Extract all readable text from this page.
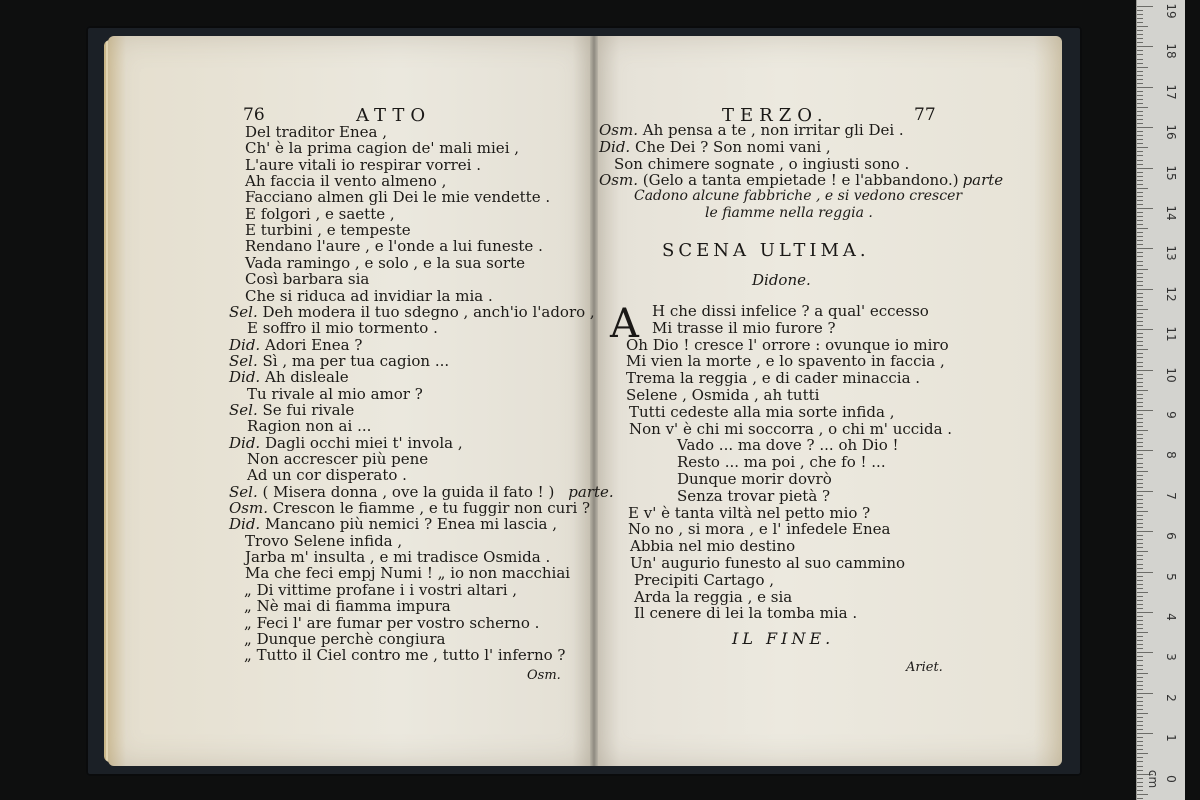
76	ATTO
Del traditor Enea ,
Ch' è la prima cagion de' mali miei ,
L'aure vitali io respirar vorrei .
Ah faccia il vento almeno ,
Facciano almen gli Dei le mie vendette .
E folgori , e saette ,
E turbini , e tempeste
Rendano l'aure , e l'onde a lui funeste .
Vada ramingo , e solo , e la sua sorte
Così barbara sia
Che si riduca ad invidiar la mia .
Sel. Deh modera il tuo sdegno , anch'io l'adoro ,
E soffro il mio tormento .
Did. Adori Enea ?
Sel. Sì , ma per tua cagion ...
Did. Ah disleale
Tu rivale al mio amor ?
Sel. Se fui rivale
Ragion non ai ...
Did. Dagli occhi miei t' invola ,
Non accrescer più pene
Ad un cor disperato .
Sel. ( Misera donna , ove la guida il fato ! ) parte.
Osm. Crescon le fiamme , e tu fuggir non curi ?
Did. Mancano più nemici ? Enea mi lascia ,
Trovo Selene infida ,
Jarba m' insulta , e mi tradisce Osmida .
Ma che feci empj Numi ! „ io non macchiai
„ Di vittime profane i i vostri altari ,
„ Nè mai di fiamma impura
„ Feci l' are fumar per vostro scherno .
„ Dunque perchè congiura
„ Tutto il Ciel contro me , tutto l' inferno ?
Osm.
TERZO.	77
Osm. Ah pensa a te , non irritar gli Dei .
Did. Che Dei ? Son nomi vani ,
Son chimere sognate , o ingiusti sono .
Osm. (Gelo a tanta empietade ! e l'abbandono.) parte
Cadono alcune fabbriche , e si vedono crescer
le fiamme nella reggia .
SCENA ULTIMA.
Didone.
A H che dissi infelice ? a qual' eccesso
Mi trasse il mio furore ?
Oh Dio ! cresce l' orrore : ovunque io miro
Mi vien la morte , e lo spavento in faccia ,
Trema la reggia , e di cader minaccia .
Selene , Osmida , ah tutti
Tutti cedeste alla mia sorte infida ,
Non v' è chi mi soccorra , o chi m' uccida .
Vado ... ma dove ? ... oh Dio !
Resto ... ma poi , che fo ! ...
Dunque morir dovrò
Senza trovar pietà ?
E v' è tanta viltà nel petto mio ?
No no , si mora , e l' infedele Enea
Abbia nel mio destino
Un' augurio funesto al suo cammino
Precipiti Cartago ,
Arda la reggia , e sia
Il cenere di lei la tomba mia .
IL FINE.
Ariet.
19
18
17
16
15
14
13
12
11
10
9
8
7
6
5
4
3
2
1
0
cm
